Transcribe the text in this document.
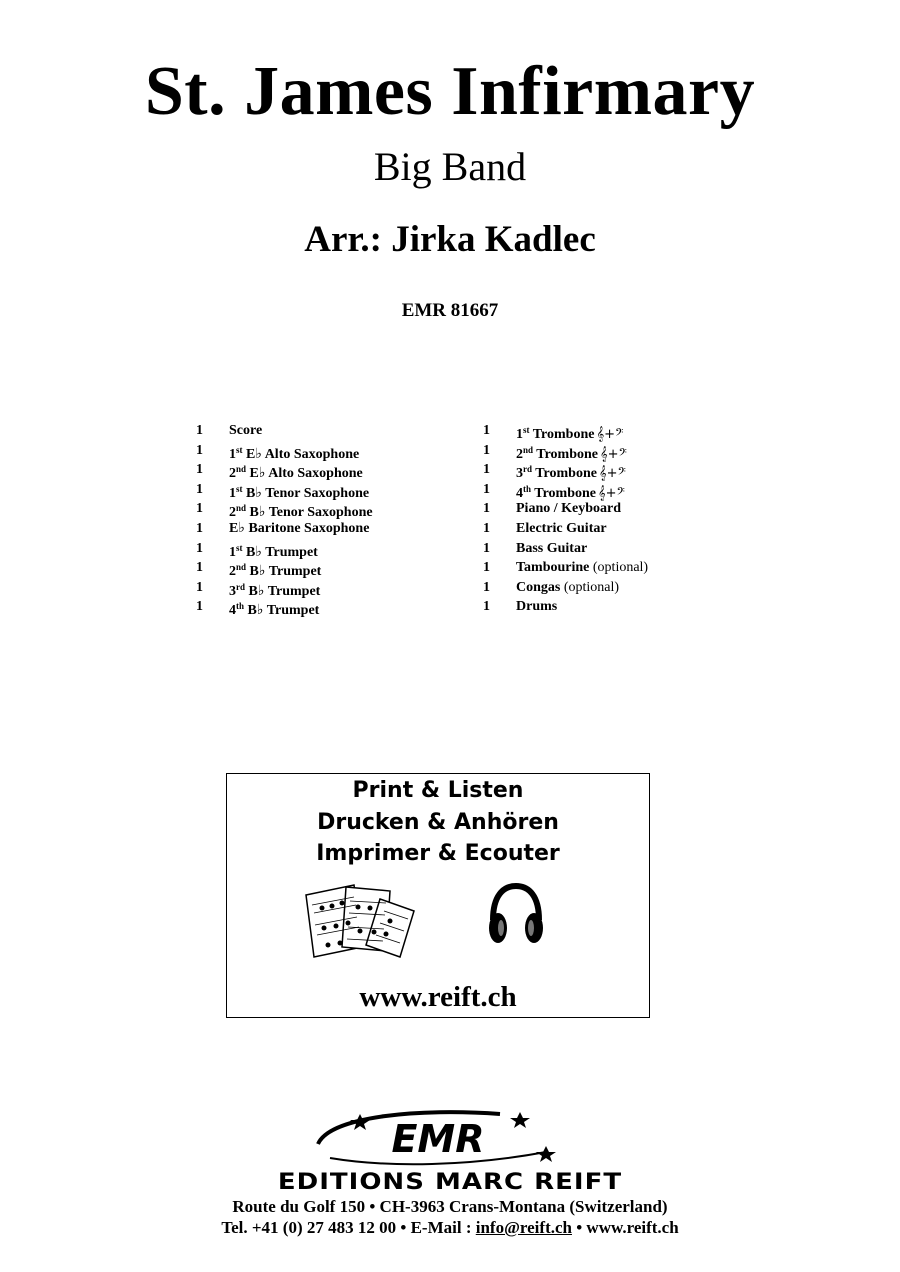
St. James Infirmary
Big Band
Arr.: Jirka Kadlec
EMR 81667
1	Score
1	1st E♭ Alto Saxophone
1	2nd E♭ Alto Saxophone
1	1st B♭ Tenor Saxophone
1	2nd B♭ Tenor Saxophone
1	E♭ Baritone Saxophone
1	1st B♭ Trumpet
1	2nd B♭ Trumpet
1	3rd B♭ Trumpet
1	4th B♭ Trumpet
1	1st Trombone 𝄞+𝄢
1	2nd Trombone 𝄞+𝄢
1	3rd Trombone 𝄞+𝄢
1	4th Trombone 𝄞+𝄢
1	Piano / Keyboard
1	Electric Guitar
1	Bass Guitar
1	Tambourine (optional)
1	Congas (optional)
1	Drums
Print & Listen
Drucken & Anhören
Imprimer & Ecouter
www.reift.ch
EMR
EDITIONS MARC REIFT
Route du Golf 150 • CH-3963 Crans-Montana (Switzerland)
Tel. +41 (0) 27 483 12 00 • E-Mail : info@reift.ch • www.reift.ch
